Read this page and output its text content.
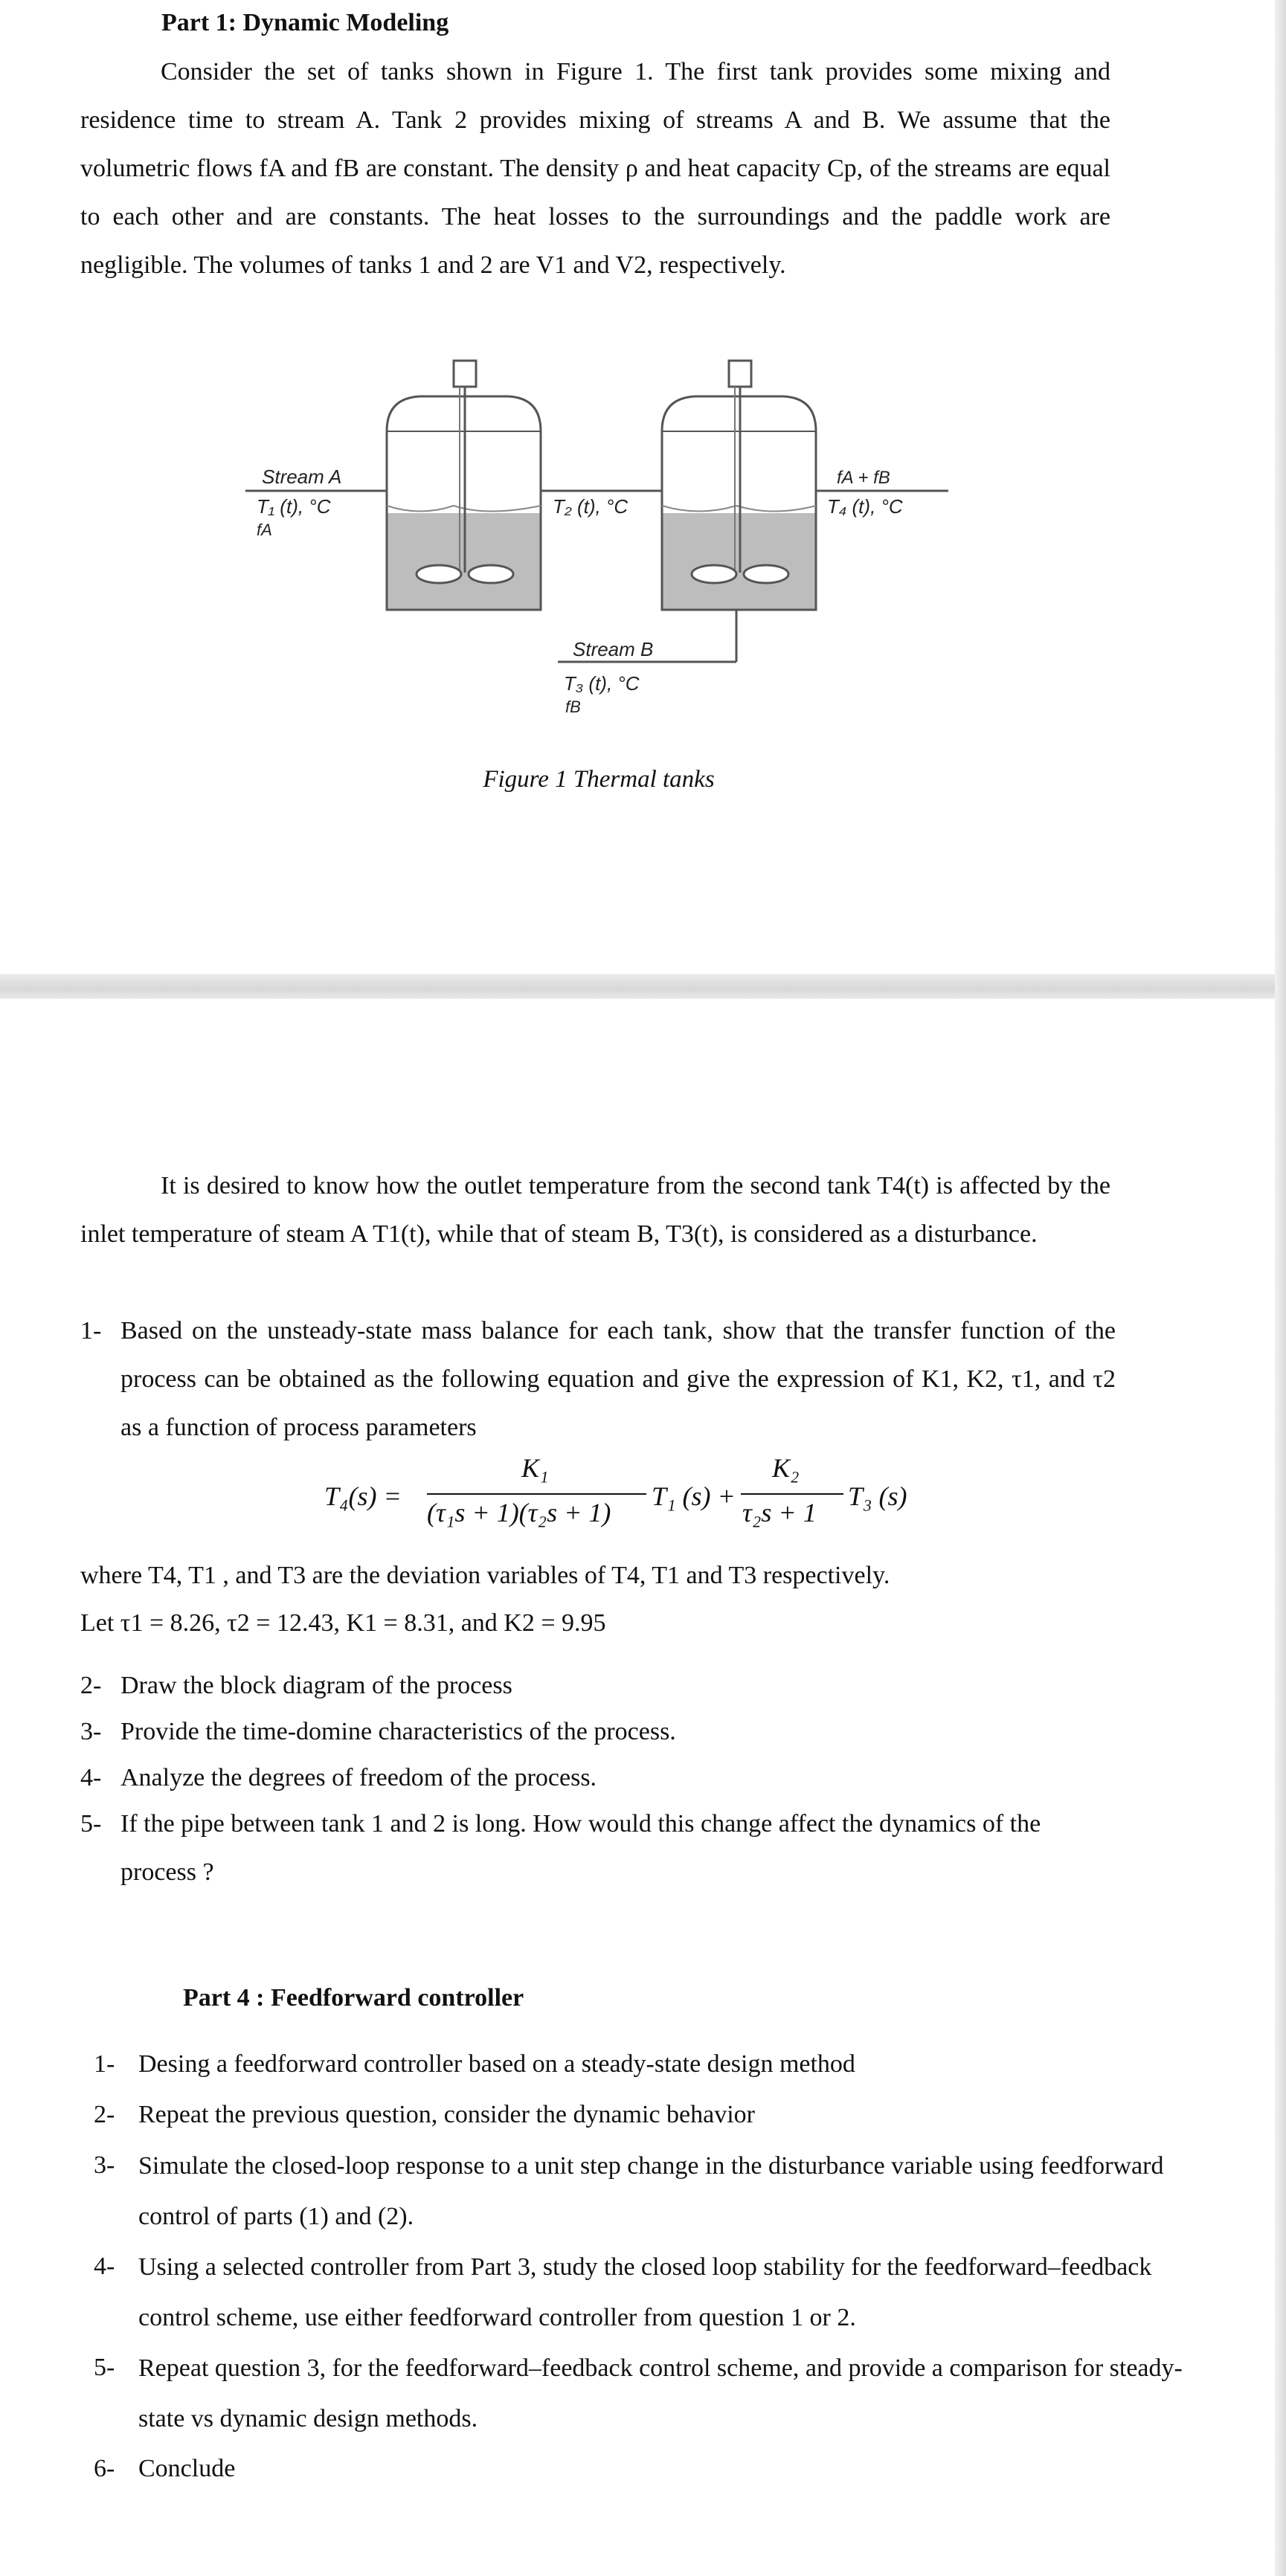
Part 1: Dynamic Modeling

Consider the set of tanks shown in Figure 1. The first tank provides some mixing and residence time to stream A. Tank 2 provides mixing of streams A and B. We assume that the volumetric flows fA and fB are constant. The density ρ and heat capacity Cp, of the streams are equal to each other and are constants. The heat losses to the surroundings and the paddle work are negligible. The volumes of tanks 1 and 2 are V1 and V2, respectively.

Stream A
T₁ (t), °C
fA
T₂ (t), °C
fA + fB
T₄ (t), °C
Stream B
T₃ (t), °C
fB
Figure 1 Thermal tanks

It is desired to know how the outlet temperature from the second tank T4(t) is affected by the inlet temperature of steam A T1(t), while that of steam B, T3(t), is considered as a disturbance.

1- Based on the unsteady-state mass balance for each tank, show that the transfer function of the process can be obtained as the following equation and give the expression of K1, K2, τ1, and τ2 as a function of process parameters
T₄(s) =
K₁
(τ₁s + 1)(τ₂s + 1)
T₁ (s) +
K₂
τ₂s + 1
T₃ (s)
where T4, T1 , and T3 are the deviation variables of T4, T1 and T3 respectively.
Let τ1 = 8.26, τ2 = 12.43, K1 = 8.31, and K2 = 9.95
2- Draw the block diagram of the process
3- Provide the time-domine characteristics of the process.
4- Analyze the degrees of freedom of the process.
5- If the pipe between tank 1 and 2 is long. How would this change affect the dynamics of the process ?
Part 4 : Feedforward controller
1- Desing a feedforward controller based on a steady-state design method
2- Repeat the previous question, consider the dynamic behavior
3- Simulate the closed-loop response to a unit step change in the disturbance variable using feedforward control of parts (1) and (2).
4- Using a selected controller from Part 3, study the closed loop stability for the feedforward–feedback control scheme, use either feedforward controller from question 1 or 2.
5- Repeat question 3, for the feedforward–feedback control scheme, and provide a comparison for steady-state vs dynamic design methods.
6- Conclude
